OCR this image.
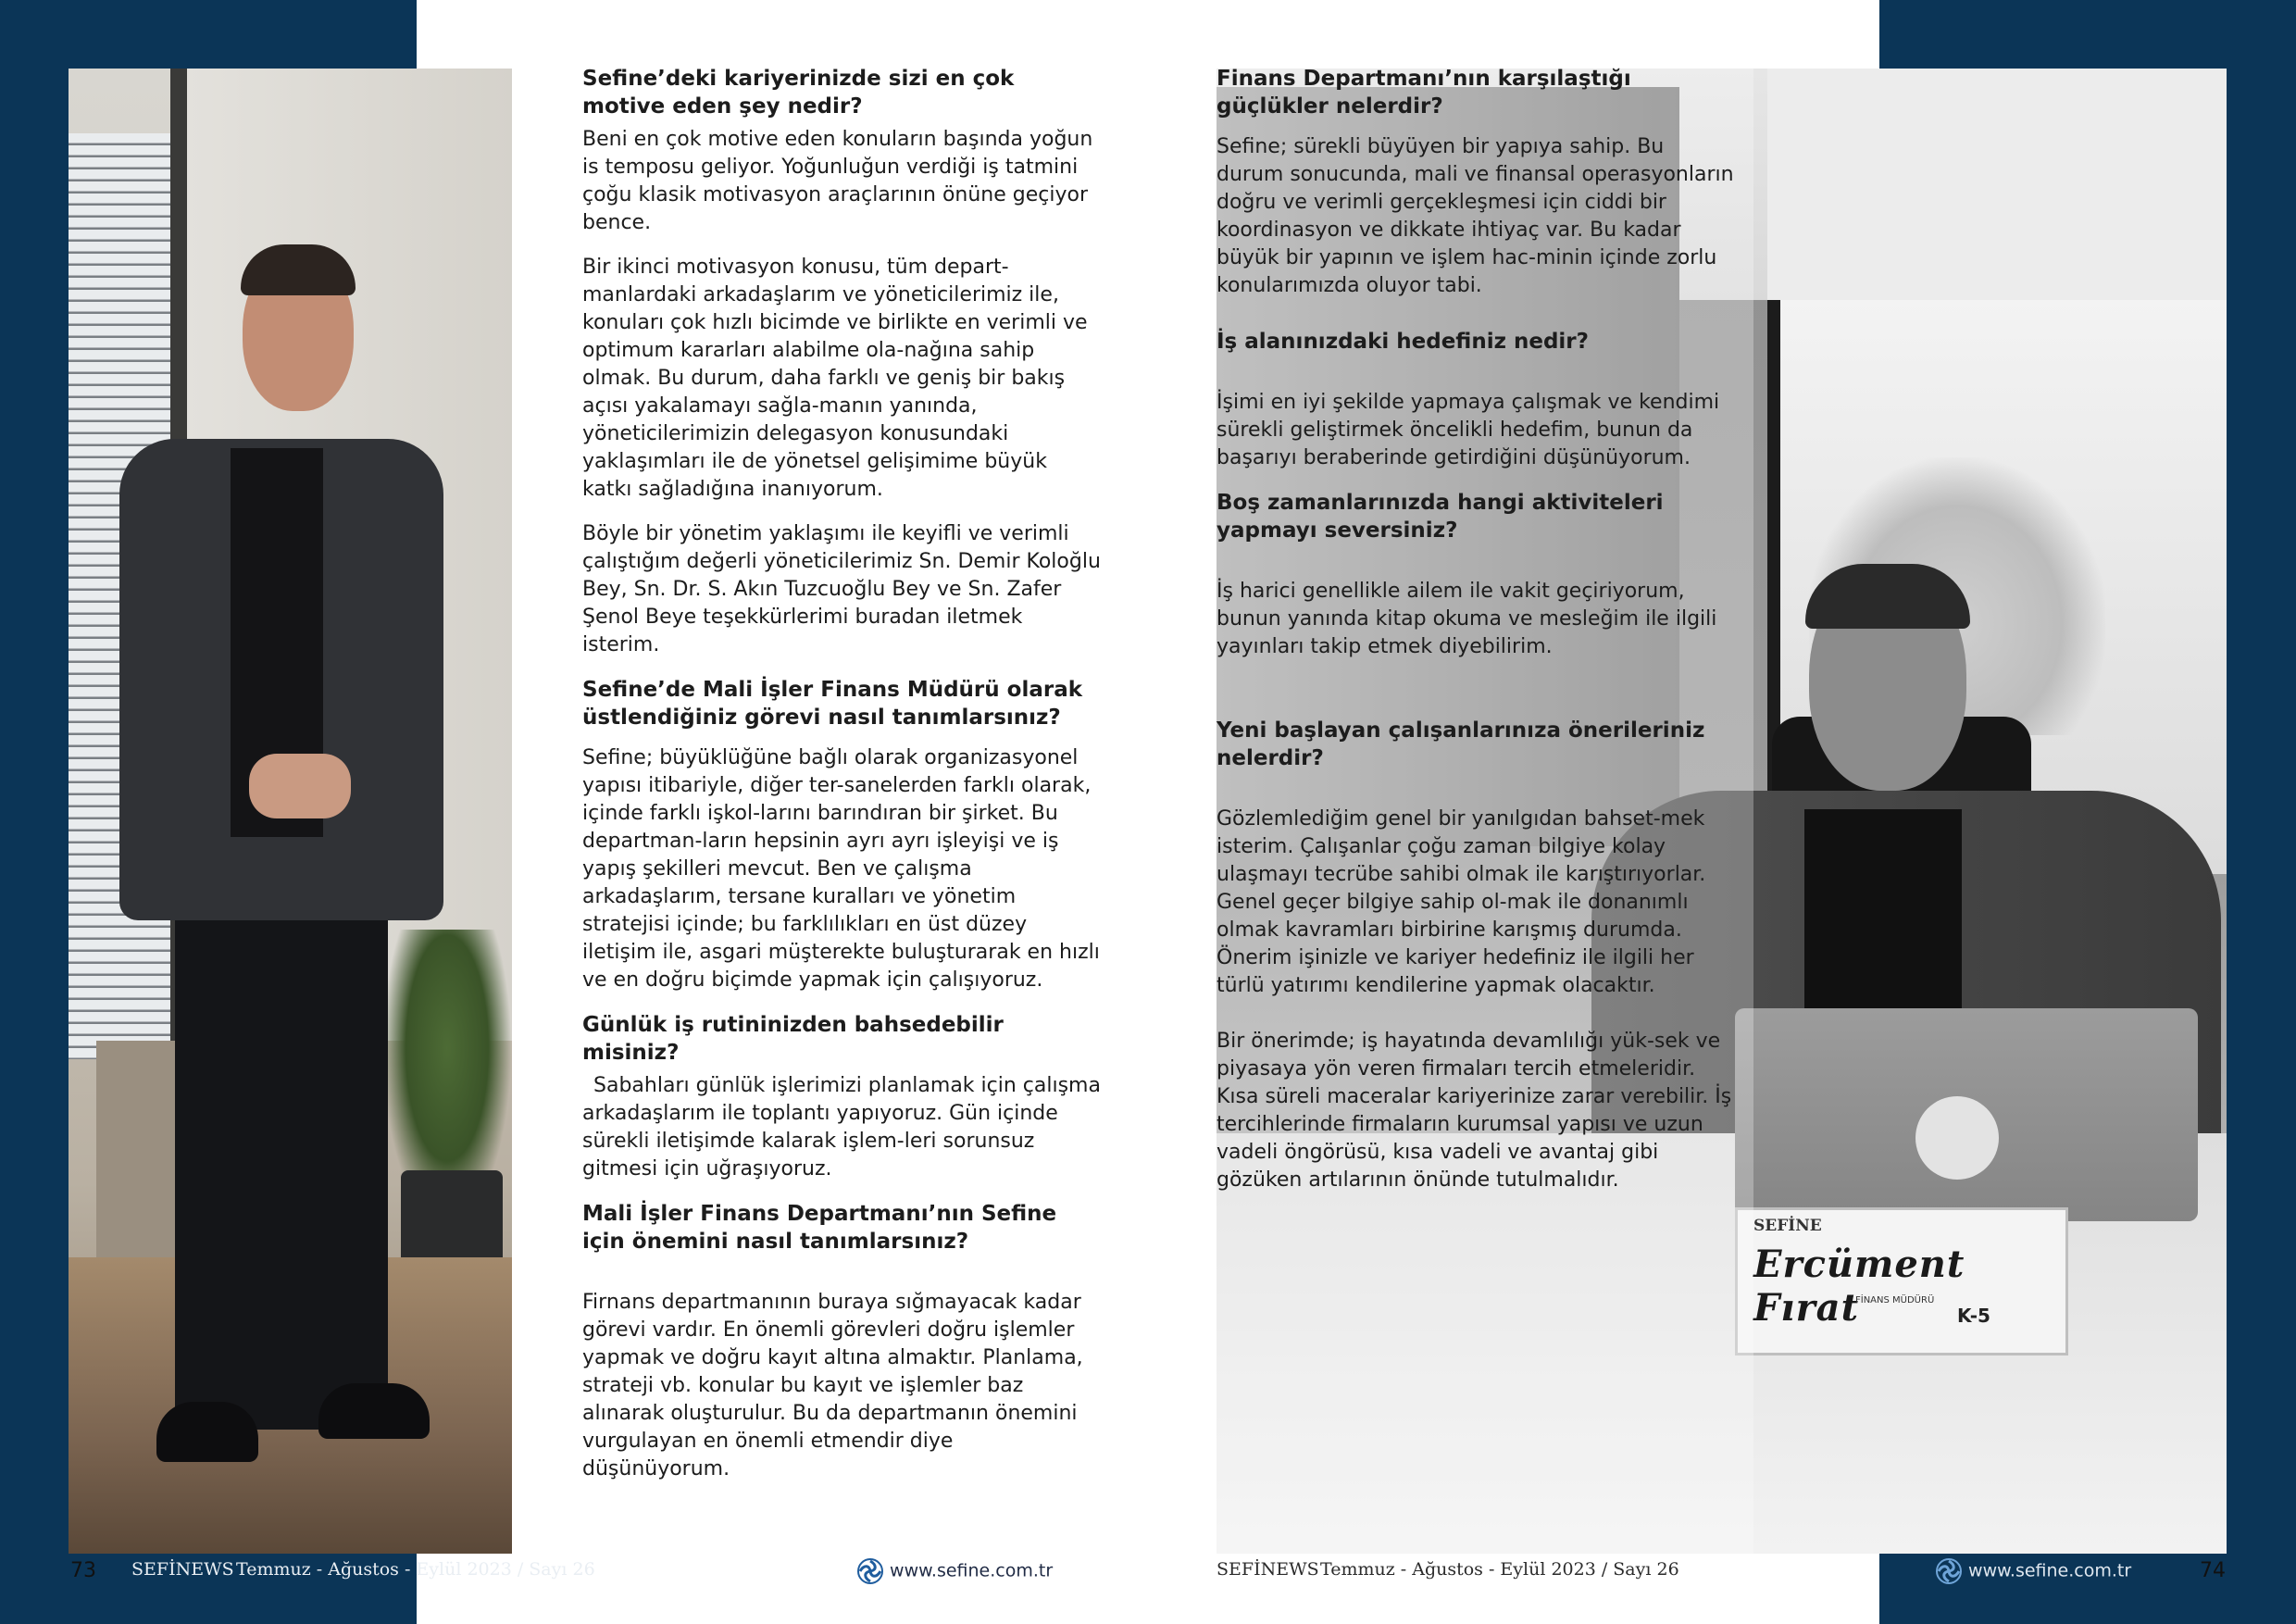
SEFİNE
Ercüment Fırat
FİNANS MÜDÜRÜ
K-5
Sefine’deki kariyerinizde sizi en çok motive eden şey nedir?
Beni en çok motive eden konuların başında yoğun is temposu geliyor. Yoğunluğun verdiği iş tatmini çoğu klasik motivasyon araçlarının önüne geçiyor bence.
Bir ikinci motivasyon konusu, tüm depart-manlardaki arkadaşlarım ve yöneticilerimiz ile, konuları çok hızlı bicimde ve birlikte en verimli ve optimum kararları alabilme ola-nağına sahip olmak. Bu durum, daha farklı ve geniş bir bakış açısı yakalamayı sağla-manın yanında, yöneticilerimizin delegasyon konusundaki yaklaşımları ile de yönetsel gelişimime büyük katkı sağladığına inanıyorum.
Böyle bir yönetim yaklaşımı ile keyifli ve verimli çalıştığım değerli yöneticilerimiz Sn. Demir Koloğlu Bey, Sn. Dr. S. Akın Tuzcuoğlu Bey ve Sn. Zafer Şenol Beye teşekkürlerimi buradan iletmek isterim.
Sefine’de Mali İşler Finans Müdürü olarak üstlendiğiniz görevi nasıl tanımlarsınız?
Sefine; büyüklüğüne bağlı olarak organizasyonel yapısı itibariyle, diğer ter-sanelerden farklı olarak, içinde farklı işkol-larını barındıran bir şirket. Bu departman-ların hepsinin ayrı ayrı işleyişi ve iş yapış şekilleri mevcut. Ben ve çalışma arkadaşlarım, tersane kuralları ve yönetim stratejisi içinde; bu farklılıkları en üst düzey iletişim ile, asgari müşterekte buluşturarak en hızlı ve en doğru biçimde yapmak için çalışıyoruz.
Günlük iş rutininizden bahsedebilir misiniz?
Sabahları günlük işlerimizi planlamak için çalışma arkadaşlarım ile toplantı yapıyoruz. Gün içinde sürekli iletişimde kalarak işlem-leri sorunsuz gitmesi için uğraşıyoruz.
Mali İşler Finans Departmanı’nın Sefine için önemini nasıl tanımlarsınız?
Firnans departmanının buraya sığmayacak kadar görevi vardır. En önemli görevleri doğru işlemler yapmak ve doğru kayıt altına almaktır. Planlama, strateji vb. konular bu kayıt ve işlemler baz alınarak oluşturulur. Bu da departmanın önemini vurgulayan en önemli etmendir diye düşünüyorum.
Finans Departmanı’nın karşılaştığı güçlükler nelerdir?
Sefine; sürekli büyüyen bir yapıya sahip. Bu durum sonucunda, mali ve finansal operasyonların doğru ve verimli gerçekleşmesi için ciddi bir koordinasyon ve dikkate ihtiyaç var. Bu kadar büyük bir yapının ve işlem hac-minin içinde zorlu konularımızda oluyor tabi.
İş alanınızdaki hedefiniz nedir?
İşimi en iyi şekilde yapmaya çalışmak ve kendimi sürekli geliştirmek öncelikli hedefim, bunun da başarıyı beraberinde getirdiğini düşünüyorum.
Boş zamanlarınızda hangi aktiviteleri yapmayı seversiniz?
İş harici genellikle ailem ile vakit geçiriyorum, bunun yanında kitap okuma ve mesleğim ile ilgili yayınları takip etmek diyebilirim.
Yeni başlayan çalışanlarınıza önerileriniz nelerdir?
Gözlemlediğim genel bir yanılgıdan bahset-mek isterim. Çalışanlar çoğu zaman bilgiye kolay ulaşmayı tecrübe sahibi olmak ile karıştırıyorlar. Genel geçer bilgiye sahip ol-mak ile donanımlı olmak kavramları birbirine karışmış durumda. Önerim işinizle ve kariyer hedefiniz ile ilgili her türlü yatırımı kendilerine yapmak olacaktır.
Bir önerimde; iş hayatında devamlılığı yük-sek ve piyasaya yön veren firmaları tercih etmeleridir. Kısa süreli maceralar kariyerinize zarar verebilir. İş tercihlerinde firmaların kurumsal yapısı ve uzun vadeli öngörüsü, kısa vadeli ve avantaj gibi gözüken artılarının önünde tutulmalıdır.
73 SEFİNEWS Temmuz - Ağustos - Eylül 2023 / Sayı 26	www.sefine.com.tr	SEFİNEWS Temmuz - Ağustos - Eylül 2023 / Sayı 26	www.sefine.com.tr	74
